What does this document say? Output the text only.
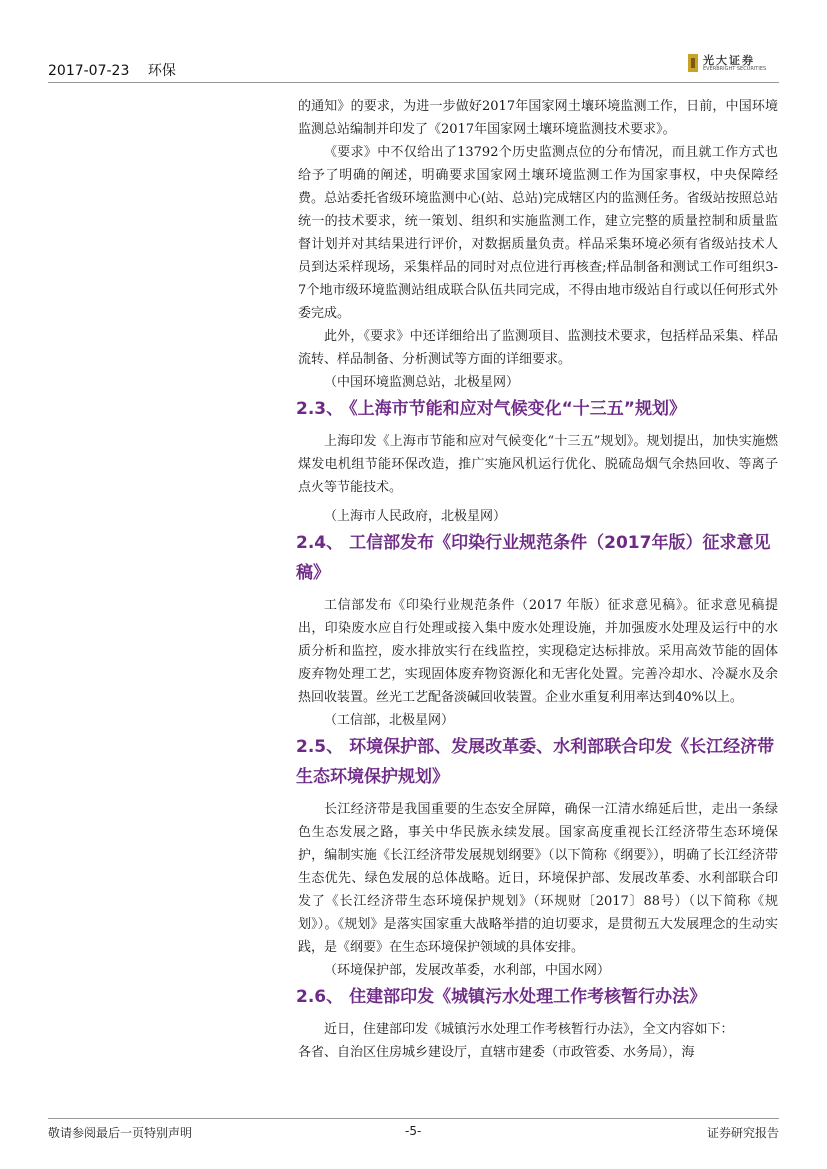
2017-07-23 环保
光大证券
EVERBRIGHT SECURITIES

的通知》的要求，为进一步做好2017年国家网土壤环境监测工作，日前，中国环境监测总站编制并印发了《2017年国家网土壤环境监测技术要求》。

《要求》中不仅给出了13792个历史监测点位的分布情况，而且就工作方式也给予了明确的阐述，明确要求国家网土壤环境监测工作为国家事权，中央保障经费。总站委托省级环境监测中心(站、总站)完成辖区内的监测任务。省级站按照总站统一的技术要求，统一策划、组织和实施监测工作，建立完整的质量控制和质量监督计划并对其结果进行评价，对数据质量负责。样品采集环境必须有省级站技术人员到达采样现场，采集样品的同时对点位进行再核查;样品制备和测试工作可组织3-7个地市级环境监测站组成联合队伍共同完成，不得由地市级站自行或以任何形式外委完成。

此外，《要求》中还详细给出了监测项目、监测技术要求，包括样品采集、样品流转、样品制备、分析测试等方面的详细要求。

（中国环境监测总站，北极星网）

2.3、 《上海市节能和应对气候变化“十三五”规划》

上海印发《上海市节能和应对气候变化“十三五”规划》。规划提出，加快实施燃煤发电机组节能环保改造，推广实施风机运行优化、脱硫岛烟气余热回收、等离子点火等节能技术。

（上海市人民政府，北极星网）

2.4、 工信部发布《印染行业规范条件（2017年版）征求意见稿》

工信部发布《印染行业规范条件（2017 年版）征求意见稿》。征求意见稿提出，印染废水应自行处理或接入集中废水处理设施，并加强废水处理及运行中的水质分析和监控，废水排放实行在线监控，实现稳定达标排放。采用高效节能的固体废弃物处理工艺，实现固体废弃物资源化和无害化处置。完善冷却水、冷凝水及余热回收装置。丝光工艺配备淡碱回收装置。企业水重复利用率达到40%以上。

（工信部，北极星网）

2.5、 环境保护部、发展改革委、水利部联合印发《长江经济带生态环境保护规划》

长江经济带是我国重要的生态安全屏障，确保一江清水绵延后世，走出一条绿色生态发展之路，事关中华民族永续发展。国家高度重视长江经济带生态环境保护，编制实施《长江经济带发展规划纲要》（以下简称《纲要》），明确了长江经济带生态优先、绿色发展的总体战略。近日，环境保护部、发展改革委、水利部联合印发了《长江经济带生态环境保护规划》（环规财〔2017〕88号）（以下简称《规划》）。《规划》是落实国家重大战略举措的迫切要求，是贯彻五大发展理念的生动实践，是《纲要》在生态环境保护领域的具体安排。

（环境保护部，发展改革委，水利部，中国水网）

2.6、 住建部印发《城镇污水处理工作考核暂行办法》

近日，住建部印发《城镇污水处理工作考核暂行办法》，全文内容如下：

各省、自治区住房城乡建设厅，直辖市建委（市政管委、水务局），海

敬请参阅最后一页特别声明	-5-	证券研究报告
